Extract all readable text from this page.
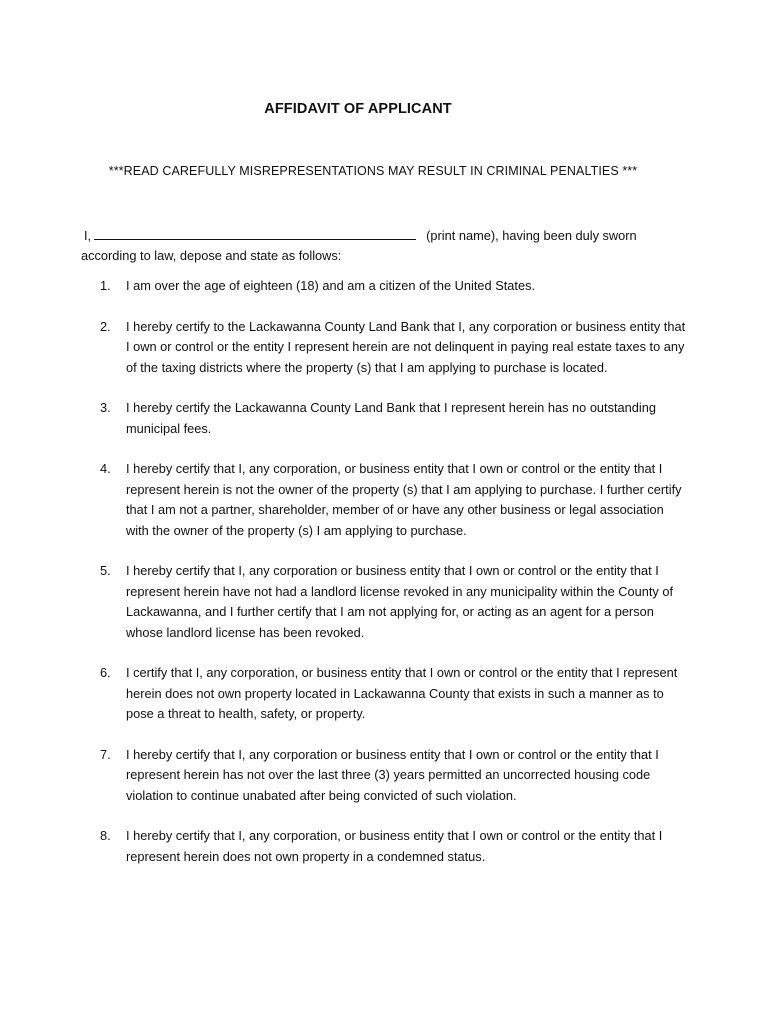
AFFIDAVIT OF APPLICANT
***READ CAREFULLY MISREPRESENTATIONS MAY RESULT IN CRIMINAL PENALTIES ***
I,	(print name), having been duly sworn
according to law, depose and state as follows:
1.	I am over the age of eighteen (18) and am a citizen of the United States.
2.	I hereby certify to the Lackawanna County Land Bank that I, any corporation or business entity that I own or control or the entity I represent herein are not delinquent in paying real estate taxes to any of the taxing districts where the property (s) that I am applying to purchase is located.
3.	I hereby certify the Lackawanna County Land Bank that I represent herein has no outstanding municipal fees.
4.	I hereby certify that I, any corporation, or business entity that I own or control or the entity that I represent herein is not the owner of the property (s) that I am applying to purchase. I further certify that I am not a partner, shareholder, member of or have any other business or legal association with the owner of the property (s) I am applying to purchase.
5.	I hereby certify that I, any corporation or business entity that I own or control or the entity that I represent herein have not had a landlord license revoked in any municipality within the County of Lackawanna, and I further certify that I am not applying for, or acting as an agent for a person whose landlord license has been revoked.
6.	I certify that I, any corporation, or business entity that I own or control or the entity that I represent herein does not own property located in Lackawanna County that exists in such a manner as to pose a threat to health, safety, or property.
7.	I hereby certify that I, any corporation or business entity that I own or control or the entity that I represent herein has not over the last three (3) years permitted an uncorrected housing code violation to continue unabated after being convicted of such violation.
8.	I hereby certify that I, any corporation, or business entity that I own or control or the entity that I represent herein does not own property in a condemned status.
